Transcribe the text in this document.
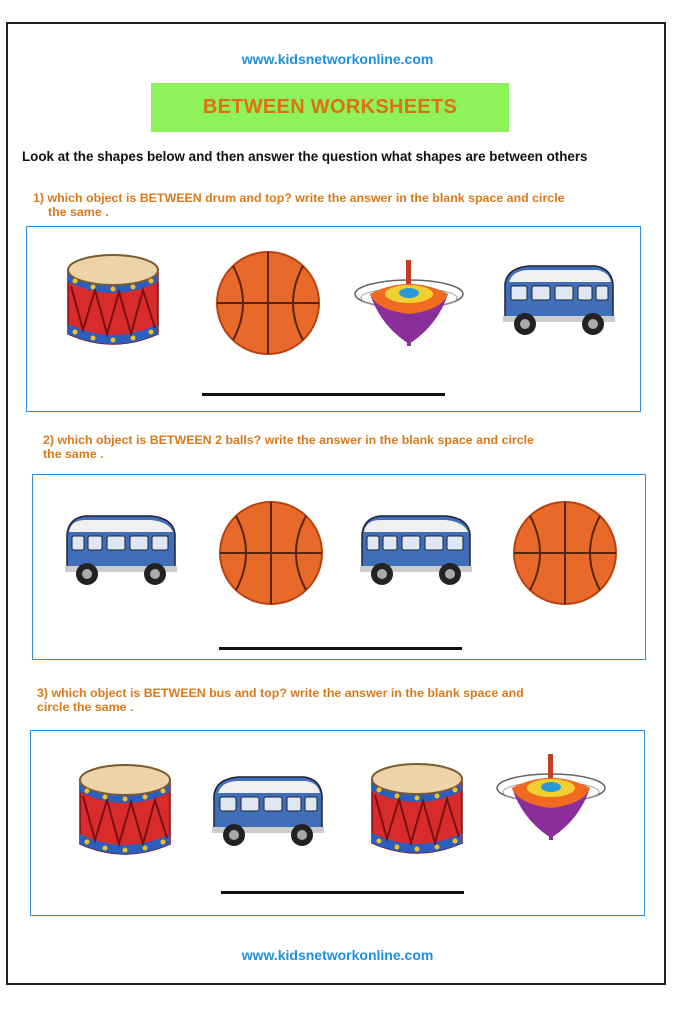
www.kidsnetworkonline.com
BETWEEN WORKSHEETS
Look at the shapes below and then answer the question what shapes are between others
1) which object is BETWEEN drum and top? write the answer in the blank space and circle
the same .
2) which object is BETWEEN 2 balls? write the answer in the blank space and circle
the same .
3) which object is BETWEEN bus and top? write the answer in the blank space and
circle the same .
www.kidsnetworkonline.com
